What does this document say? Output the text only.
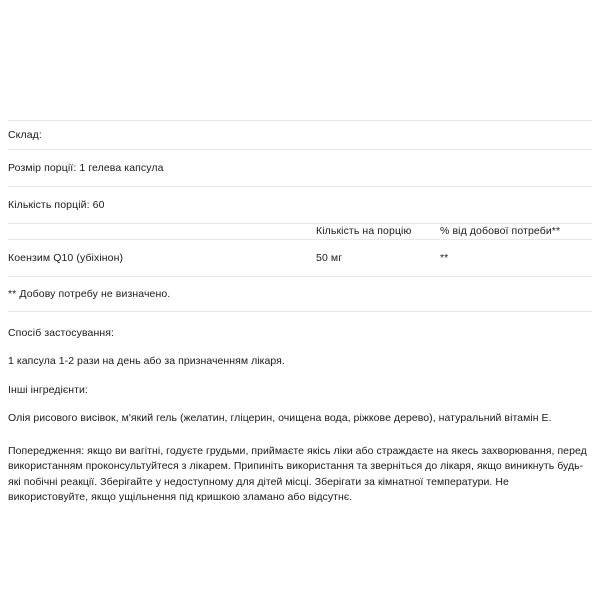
Склад:
Розмір порції: 1 гелева капсула
Кількість порцій: 60
	Кількість на порцію	% від добової потреби**
Коензим Q10 (убіхінон)	50 мг	**
** Добову потребу не визначено.
Спосіб застосування:
1 капсула 1-2 рази на день або за призначенням лікаря.
Інші інгредієнти:
Олія рисового висівок, м'який гель (желатин, гліцерин, очищена вода, ріжкове дерево), натуральний вітамін Е.
Попередження: якщо ви вагітні, годуєте грудьми, приймаєте якісь ліки або страждаєте на якесь захворювання, перед використанням проконсультуйтеся з лікарем. Припиніть використання та зверніться до лікаря, якщо виникнуть будь-які побічні реакції. Зберігайте у недоступному для дітей місці. Зберігати за кімнатної температури. Не використовуйте, якщо ущільнення під кришкою зламано або відсутнє.
